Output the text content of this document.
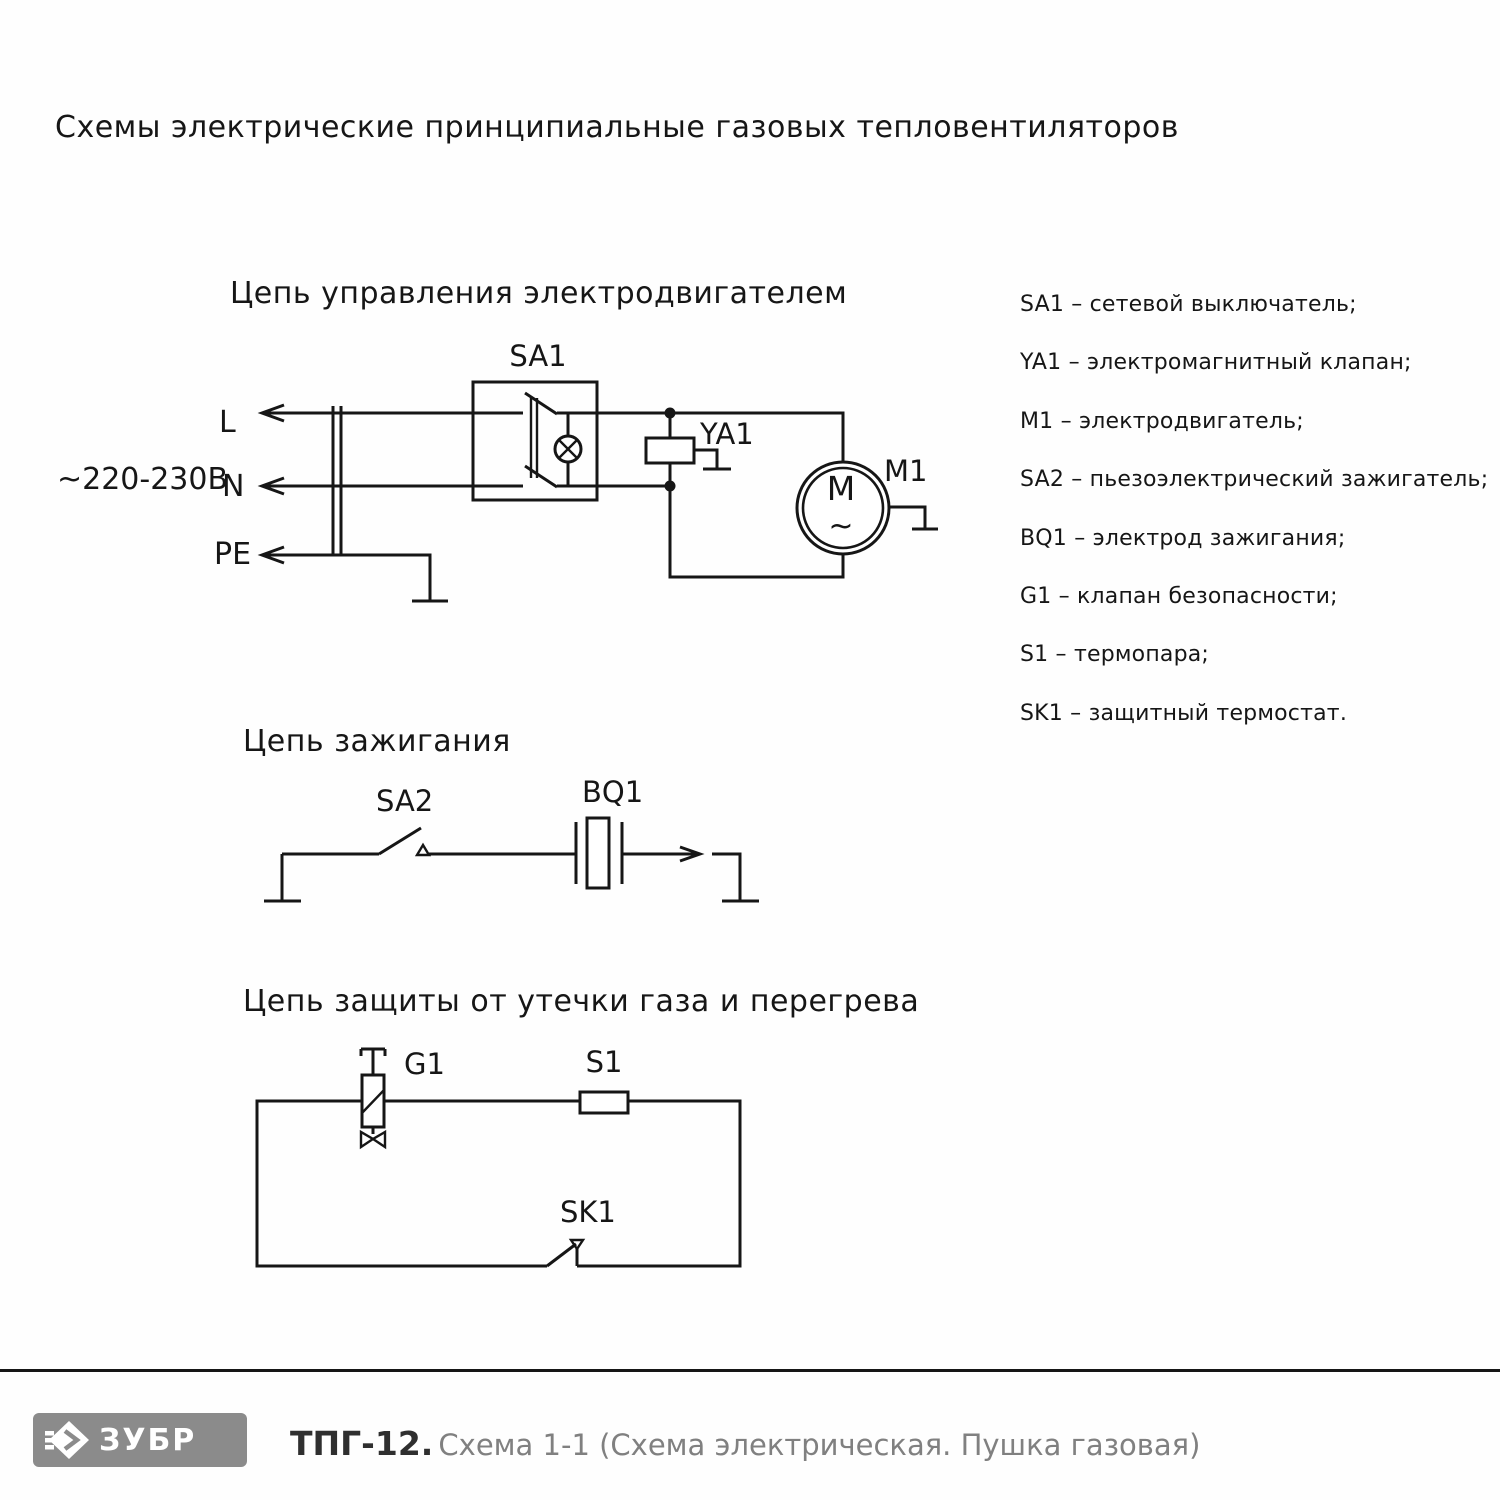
Схемы электрические принципиальные газовых тепловентиляторов
Цепь управления электродвигателем
~220-230В
L
N
PE
SA1
YA1
M
~
M1
Цепь зажигания
SA2	BQ1
Цепь защиты от утечки газа и перегрева
G1	S1
SK1
SA1 – сетевой выключатель;
YA1 – электромагнитный клапан;
M1 – электродвигатель;
SA2 – пьезоэлектрический зажигатель;
BQ1 – электрод зажигания;
G1 – клапан безопасности;
S1 – термопара;
SK1 – защитный термостат.
ЗУБР	ТПГ-12. Схема 1-1 (Схема электрическая. Пушка газовая)
